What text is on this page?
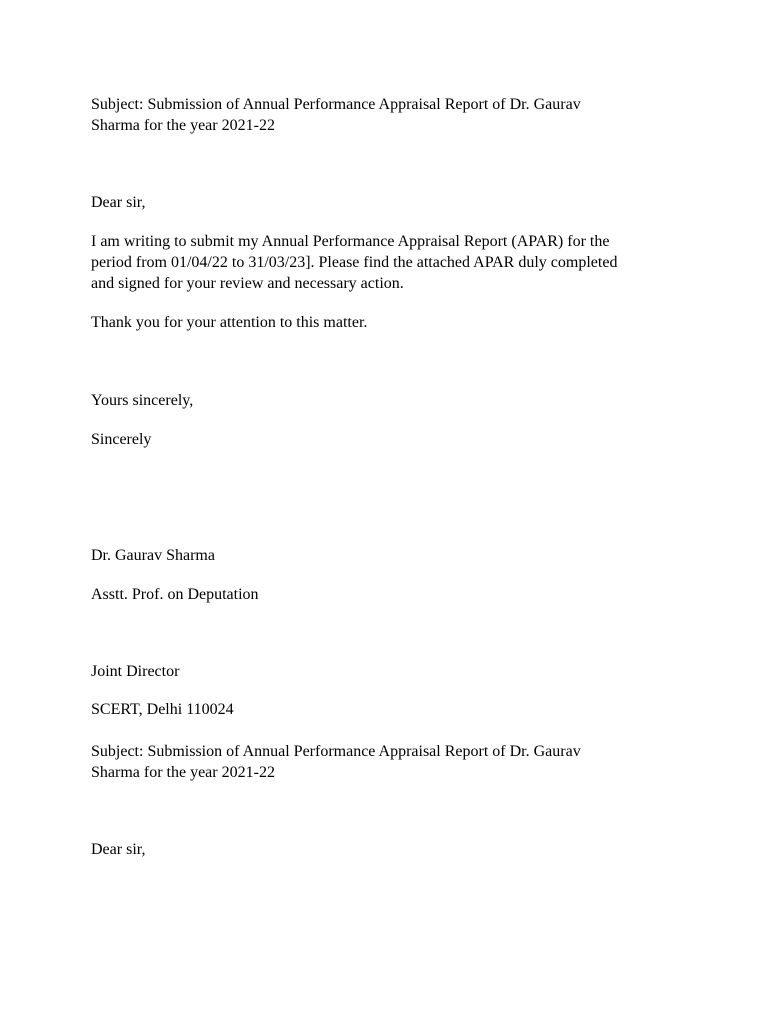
Subject: Submission of Annual Performance Appraisal Report of Dr. Gaurav
Sharma for the year 2021-22

Dear sir,

I am writing to submit my Annual Performance Appraisal Report (APAR) for the
period from 01/04/22 to 31/03/23]. Please find the attached APAR duly completed
and signed for your review and necessary action.

Thank you for your attention to this matter.

Yours sincerely,

Sincerely

Dr. Gaurav Sharma

Asstt. Prof. on Deputation

Joint Director

SCERT, Delhi 110024

Subject: Submission of Annual Performance Appraisal Report of Dr. Gaurav
Sharma for the year 2021-22

Dear sir,
